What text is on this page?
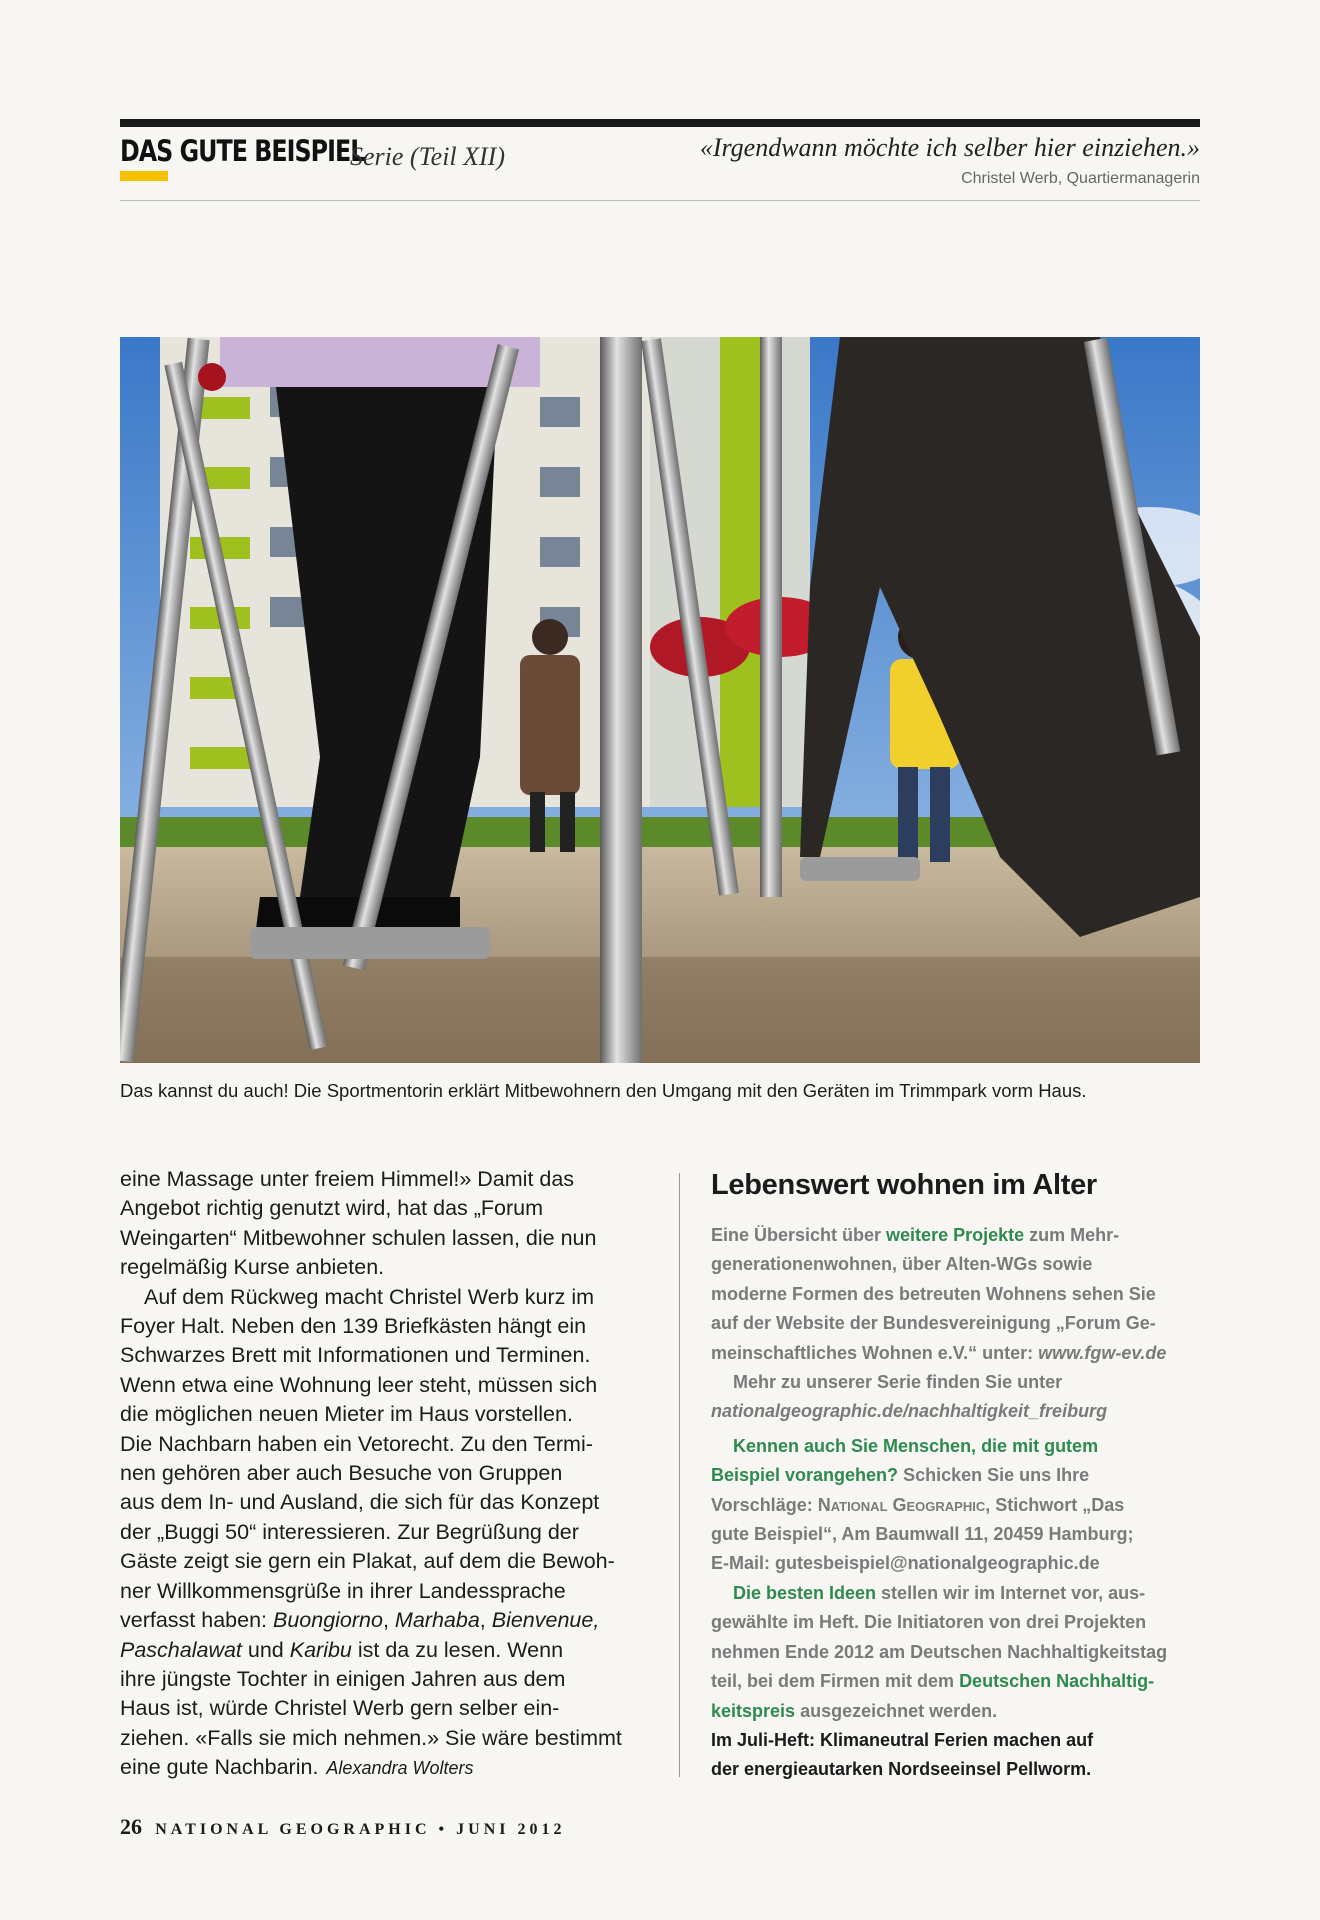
DAS GUTE BEISPIEL
Serie (Teil XII)	«Irgendwann möchte ich selber hier einziehen.»
Christel Werb, Quartiermanagerin
Das kannst du auch! Die Sportmentorin erklärt Mitbewohnern den Umgang mit den Geräten im Trimmpark vorm Haus.

eine Massage unter freiem Himmel!» Damit das

Angebot richtig genutzt wird, hat das „Forum

Weingarten“ Mitbewohner schulen lassen, die nun

regelmäßig Kurse anbieten.

Auf dem Rückweg macht Christel Werb kurz im

Foyer Halt. Neben den 139 Briefkästen hängt ein

Schwarzes Brett mit Informationen und Terminen.

Wenn etwa eine Wohnung leer steht, müssen sich

die möglichen neuen Mieter im Haus vorstellen.

Die Nachbarn haben ein Vetorecht. Zu den Termi-

nen gehören aber auch Besuche von Gruppen

aus dem In- und Ausland, die sich für das Konzept

der „Buggi 50“ interessieren. Zur Begrüßung der

Gäste zeigt sie gern ein Plakat, auf dem die Bewoh-

ner Willkommensgrüße in ihrer Landessprache

verfasst haben: Buongiorno, Marhaba, Bienvenue,

Paschalawat und Karibu ist da zu lesen. Wenn

ihre jüngste Tochter in einigen Jahren aus dem

Haus ist, würde Christel Werb gern selber ein-

ziehen. «Falls sie mich nehmen.» Sie wäre bestimmt

eine gute Nachbarin. Alexandra Wolters

Lebenswert wohnen im Alter

Eine Übersicht über weitere Projekte zum Mehr-

generationenwohnen, über Alten-WGs sowie

moderne Formen des betreuten Wohnens sehen Sie

auf der Website der Bundesvereinigung „Forum Ge-

meinschaftliches Wohnen e.V.“ unter: www.fgw-ev.de

Mehr zu unserer Serie finden Sie unter

nationalgeographic.de/nachhaltigkeit_freiburg

Kennen auch Sie Menschen, die mit gutem

Beispiel vorangehen? Schicken Sie uns Ihre

Vorschläge: National Geographic, Stichwort „Das

gute Beispiel“, Am Baumwall 11, 20459 Hamburg;

E-Mail: gutesbeispiel@nationalgeographic.de

Die besten Ideen stellen wir im Internet vor, aus-

gewählte im Heft. Die Initiatoren von drei Projekten

nehmen Ende 2012 am Deutschen Nachhaltigkeitstag

teil, bei dem Firmen mit dem Deutschen Nachhaltig-

keitspreis ausgezeichnet werden.

Im Juli-Heft: Klimaneutral Ferien machen auf

der energieautarken Nordseeinsel Pellworm.

26 NATIONAL GEOGRAPHIC • JUNI 2012
